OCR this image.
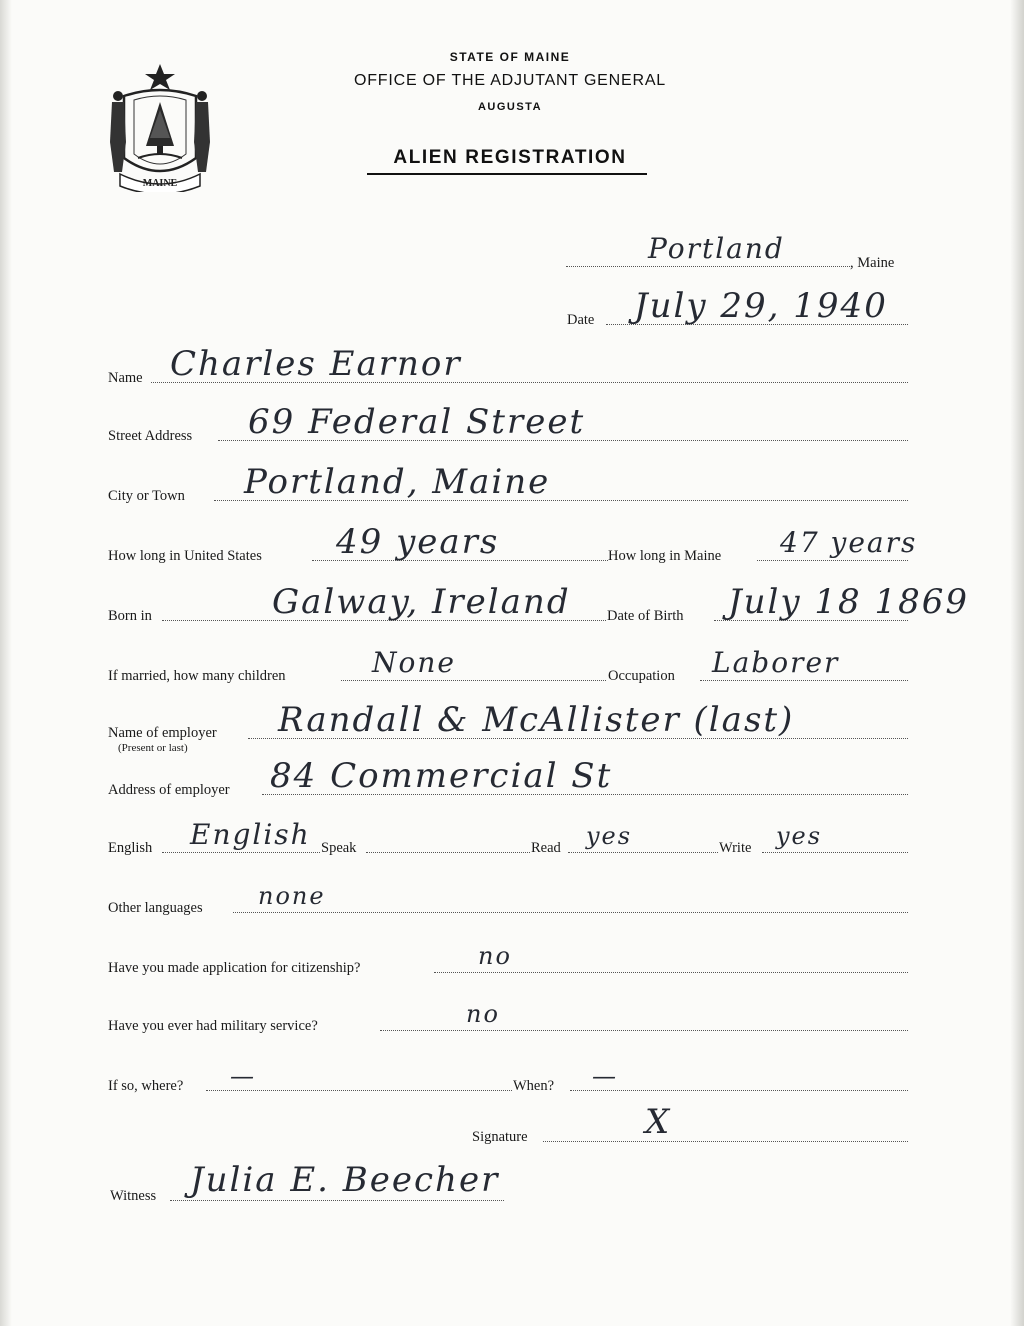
MAINE
STATE OF MAINE
OFFICE OF THE ADJUTANT GENERAL
AUGUSTA
ALIEN REGISTRATION
Portland	, Maine
Date July 29, 1940
Name Charles Earnor
Street Address 69 Federal Street
City or Town Portland, Maine
How long in United States 49 years	How long in Maine 47 years
Born in	Galway, Ireland	Date of Birth July 18 1869
If married, how many children	None	Occupation Laborer
Name of employer
(Present or last)
Randall & McAllister (last)
Address of employer 84 Commercial St
English English Speak	Read yes	Write yes
Other languages none
Have you made application for citizenship?	no
Have you ever had military service?	no
If so, where? —	When? —
Signature	X
Witness Julia E. Beecher
